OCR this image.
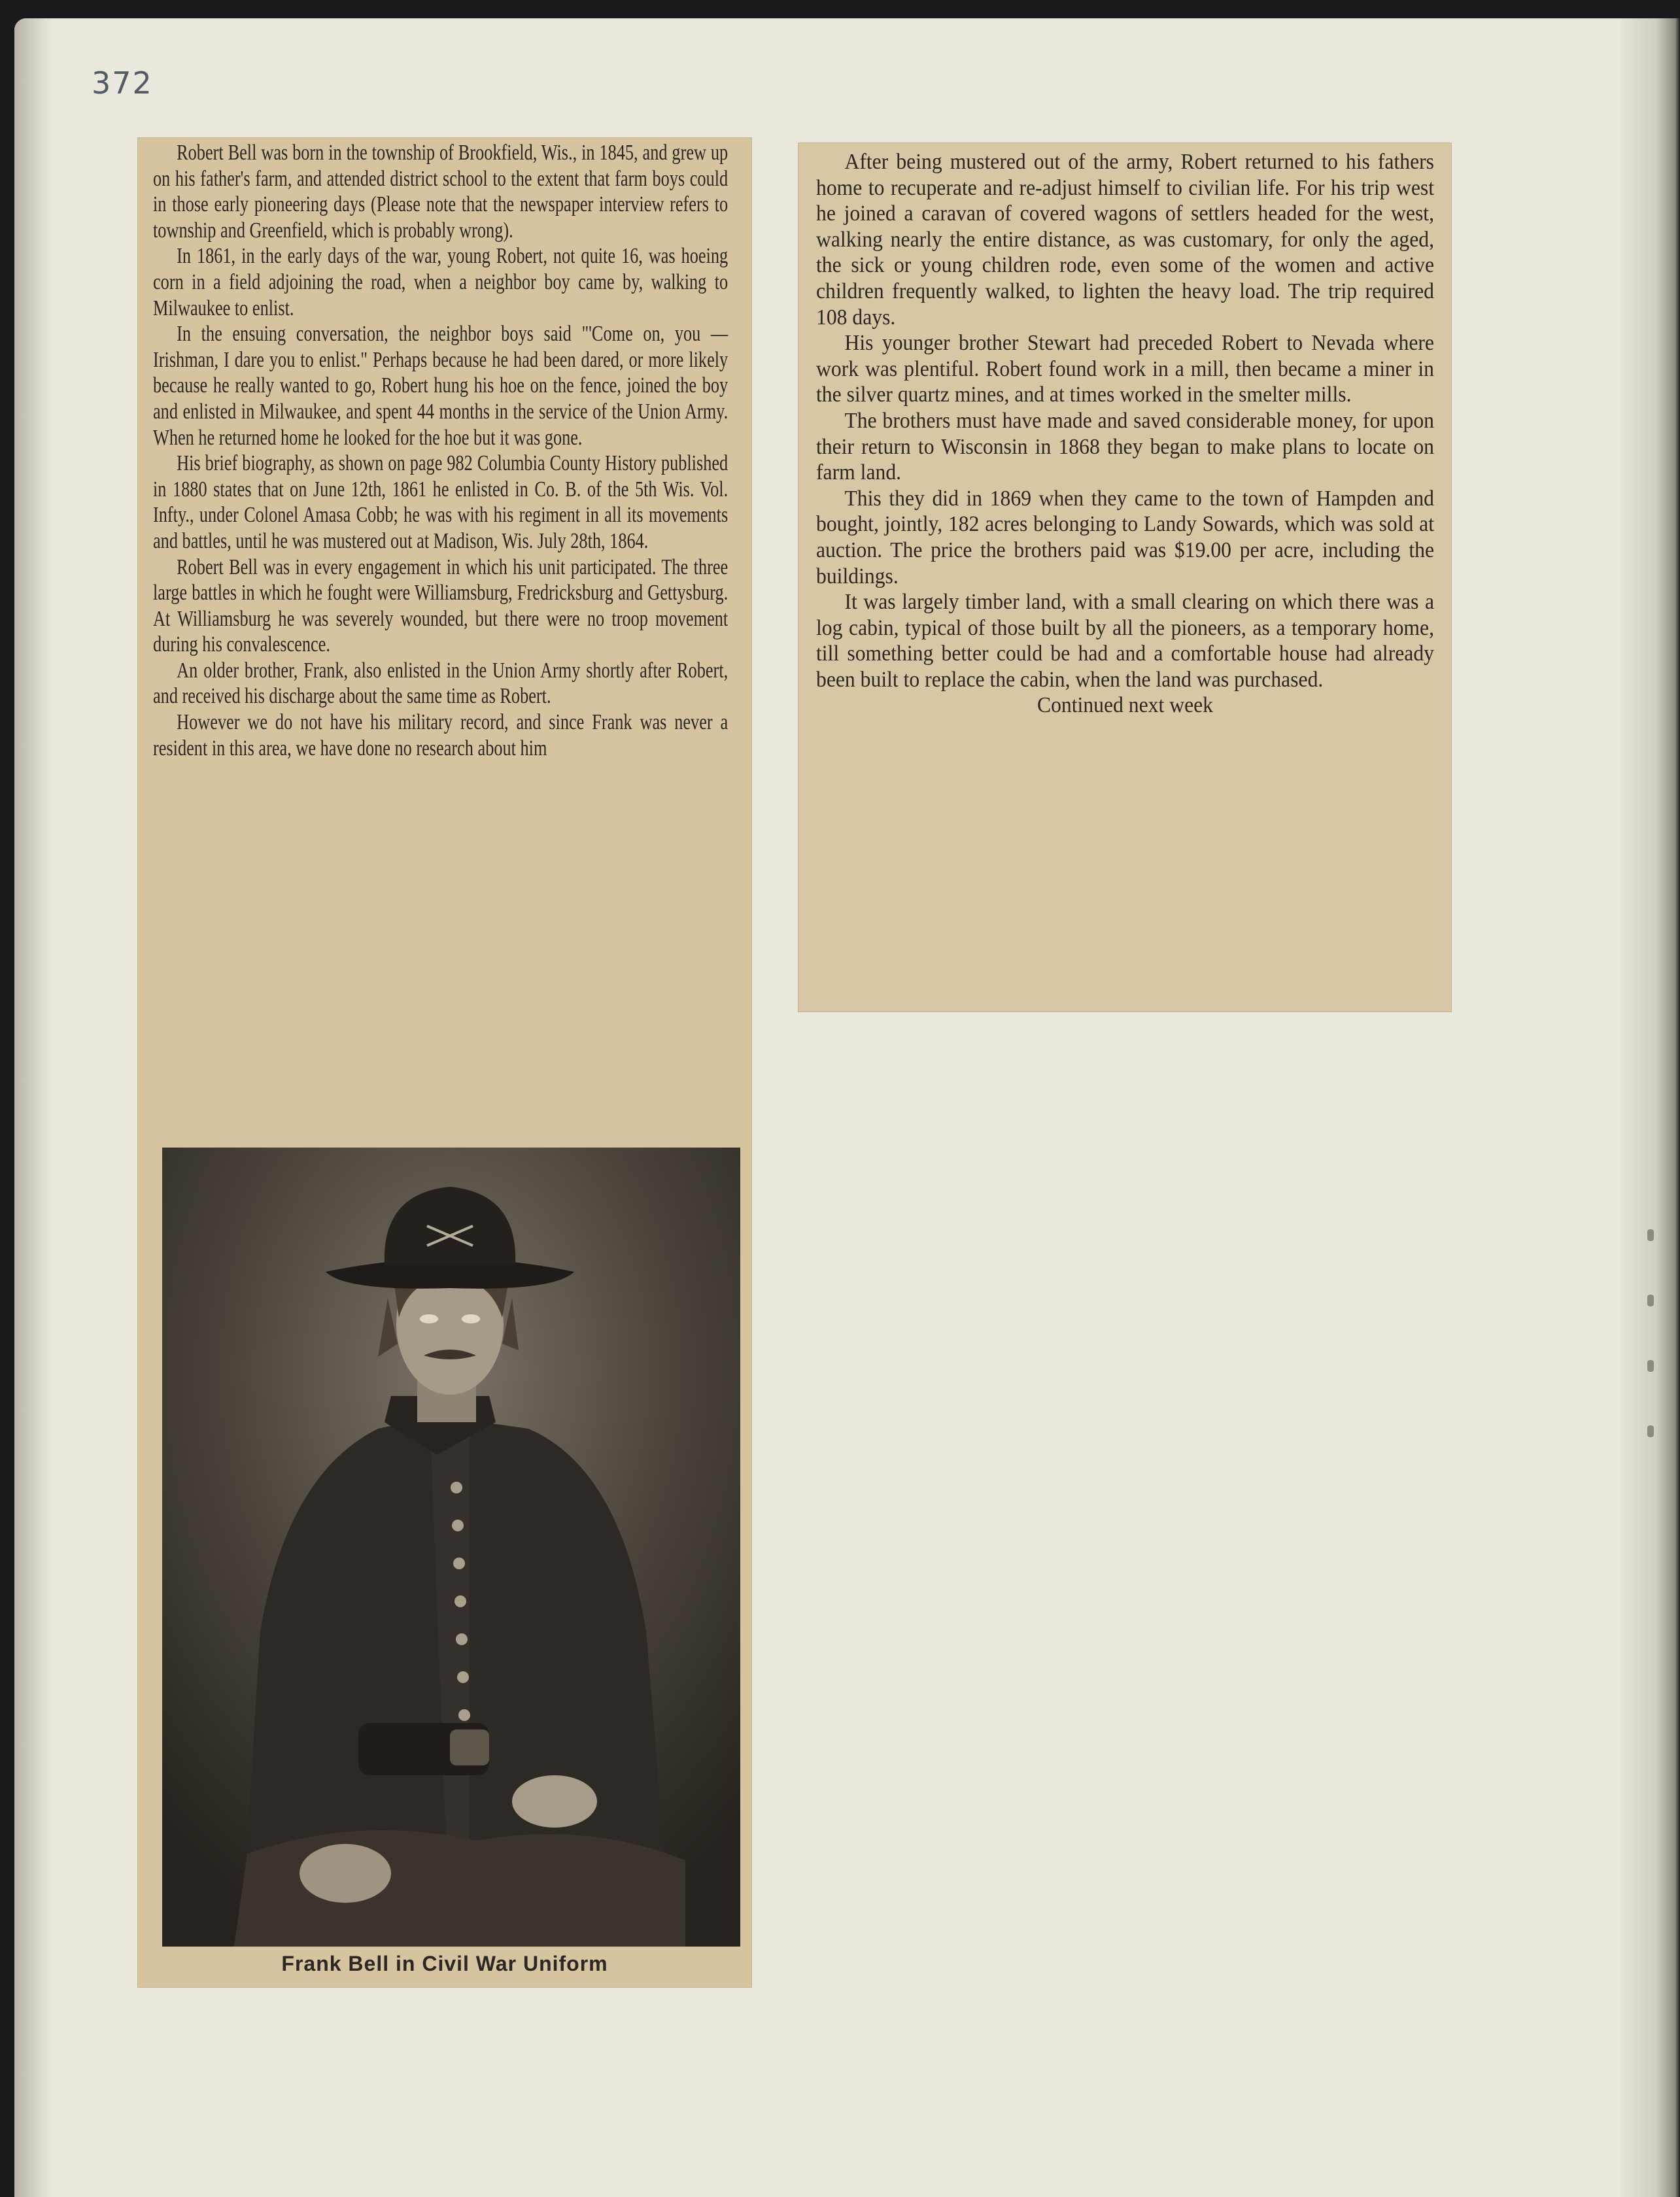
372

Robert Bell was born in the township of Brookfield, Wis., in 1845, and grew up on his father's farm, and attended district school to the extent that farm boys could in those early pioneering days (Please note that the newspaper interview refers to township and Greenfield, which is probably wrong).

In 1861, in the early days of the war, young Robert, not quite 16, was hoeing corn in a field adjoining the road, when a neighbor boy came by, walking to Milwaukee to enlist.

In the ensuing conversation, the neighbor boys said "'Come on, you — Irishman, I dare you to enlist." Perhaps because he had been dared, or more likely because he really wanted to go, Robert hung his hoe on the fence, joined the boy and enlisted in Milwaukee, and spent 44 months in the service of the Union Army. When he returned home he looked for the hoe but it was gone.

His brief biography, as shown on page 982 Columbia County History published in 1880 states that on June 12th, 1861 he enlisted in Co. B. of the 5th Wis. Vol. Infty., under Colonel Amasa Cobb; he was with his regiment in all its movements and battles, until he was mustered out at Madison, Wis. July 28th, 1864.

Robert Bell was in every engagement in which his unit participated. The three large battles in which he fought were Williamsburg, Fredricksburg and Gettysburg. At Williamsburg he was severely wounded, but there were no troop movement during his convalescence.

An older brother, Frank, also enlisted in the Union Army shortly after Robert, and received his discharge about the same time as Robert.

However we do not have his military record, and since Frank was never a resident in this area, we have done no research about him

Frank Bell in Civil War Uniform

After being mustered out of the army, Robert returned to his fathers home to recuperate and re-adjust himself to civilian life. For his trip west he joined a caravan of covered wagons of settlers headed for the west, walking nearly the entire distance, as was customary, for only the aged, the sick or young children rode, even some of the women and active children frequently walked, to lighten the heavy load. The trip required 108 days.

His younger brother Stewart had preceded Robert to Nevada where work was plentiful. Robert found work in a mill, then became a miner in the silver quartz mines, and at times worked in the smelter mills.

The brothers must have made and saved considerable money, for upon their return to Wisconsin in 1868 they began to make plans to locate on farm land.

This they did in 1869 when they came to the town of Hampden and bought, jointly, 182 acres belonging to Landy Sowards, which was sold at auction. The price the brothers paid was $19.00 per acre, including the buildings.

It was largely timber land, with a small clearing on which there was a log cabin, typical of those built by all the pioneers, as a temporary home, till something better could be had and a comfortable house had already been built to replace the cabin, when the land was purchased.

Continued next week
